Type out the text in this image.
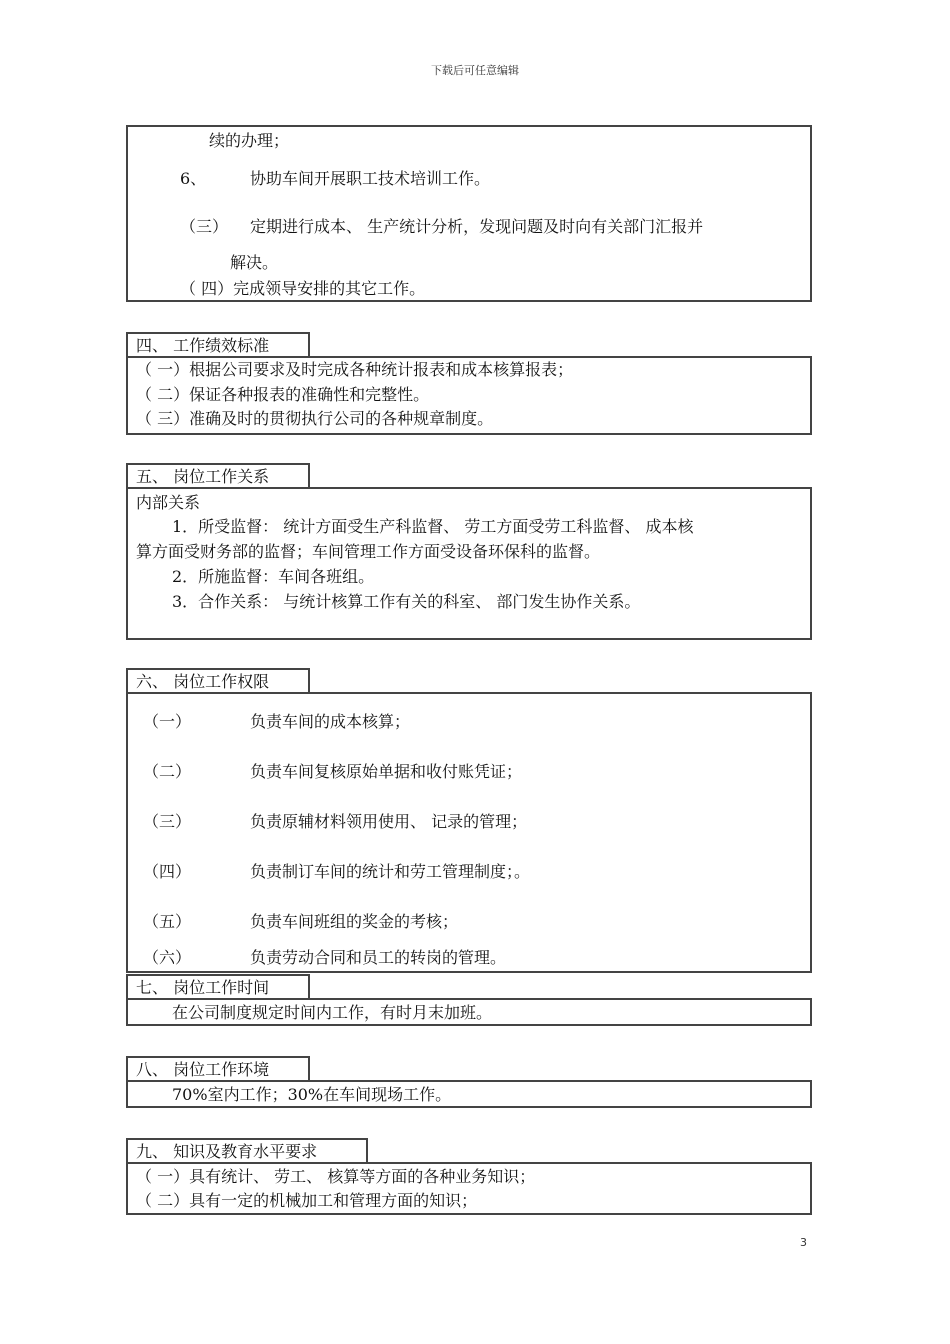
下载后可任意编辑
续的办理；
6、	协助车间开展职工技术培训工作。
（三） 定期进行成本、 生产统计分析，发现问题及时向有关部门汇报并
解决。
（ 四）完成领导安排的其它工作。
四、 工作绩效标准
（ 一）根据公司要求及时完成各种统计报表和成本核算报表；
（ 二）保证各种报表的准确性和完整性。
（ 三）准确及时的贯彻执行公司的各种规章制度。
五、 岗位工作关系
内部关系
1．所受监督： 统计方面受生产科监督、 劳工方面受劳工科监督、 成本核
算方面受财务部的监督；车间管理工作方面受设备环保科的监督。
2．所施监督：车间各班组。
3．合作关系： 与统计核算工作有关的科室、 部门发生协作关系。
六、 岗位工作权限
（一）	负责车间的成本核算；
（二）	负责车间复核原始单据和收付账凭证；
（三）	负责原辅材料领用使用、 记录的管理；
（四）	负责制订车间的统计和劳工管理制度；。
（五）	负责车间班组的奖金的考核；
（六）	负责劳动合同和员工的转岗的管理。
七、 岗位工作时间
在公司制度规定时间内工作，有时月末加班。
八、 岗位工作环境
70%室内工作；30%在车间现场工作。
九、 知识及教育水平要求
（ 一）具有统计、 劳工、 核算等方面的各种业务知识；
（ 二）具有一定的机械加工和管理方面的知识；
3
